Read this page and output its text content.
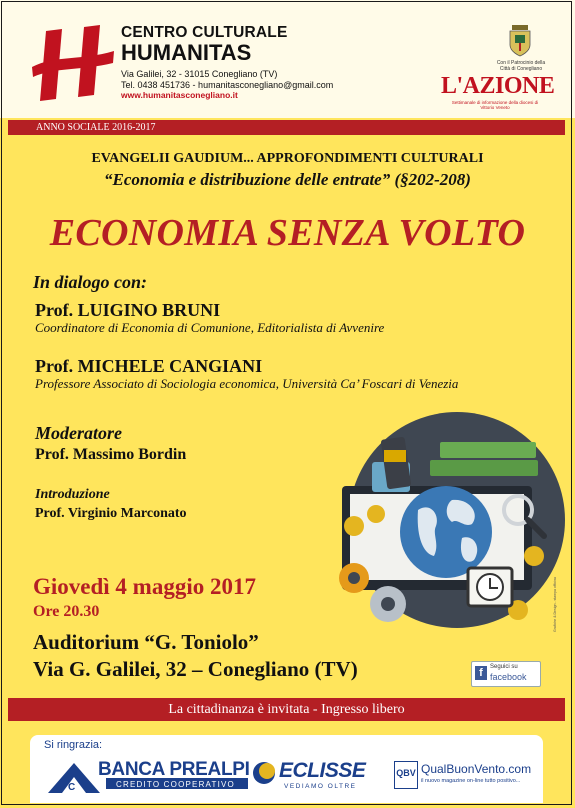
CENTRO CULTURALE
HUMANITAS
Via Galilei, 32 - 31015 Conegliano (TV)
Tel. 0438 451736 - humanitasconegliano@gmail.com
www.humanitasconegliano.it
Con il Patrocinio della Città di Conegliano
L'AZIONE
Settimanale di informazione della diocesi di Vittorio Veneto
ANNO SOCIALE 2016-2017
EVANGELII GAUDIUM... APPROFONDIMENTI CULTURALI
“Economia e distribuzione delle entrate” (§202-208)
ECONOMIA SENZA VOLTO
In dialogo con:
Prof. LUIGINO BRUNI
Coordinatore di Economia di Comunione, Editorialista di Avvenire
Prof. MICHELE CANGIANI
Professore Associato di Sociologia economica, Università Ca’ Foscari di Venezia
Moderatore
Prof. Massimo Bordin
Introduzione
Prof. Virginio Marconato
Giovedì 4 maggio 2017
Ore 20.30
Auditorium “G. Toniolo”
Via G. Galilei, 32 – Conegliano (TV)	f	Seguici su
facebook
Grafiche & Design - stampa officina
La cittadinanza è invitata - Ingresso libero
Si ringrazia:
C
BANCA PREALPI
CREDITO COOPERATIVO
ECLISSE
VEDIAMO OLTRE
QBV QualBuonVento.com
il nuovo magazine on-line tutto positivo...
